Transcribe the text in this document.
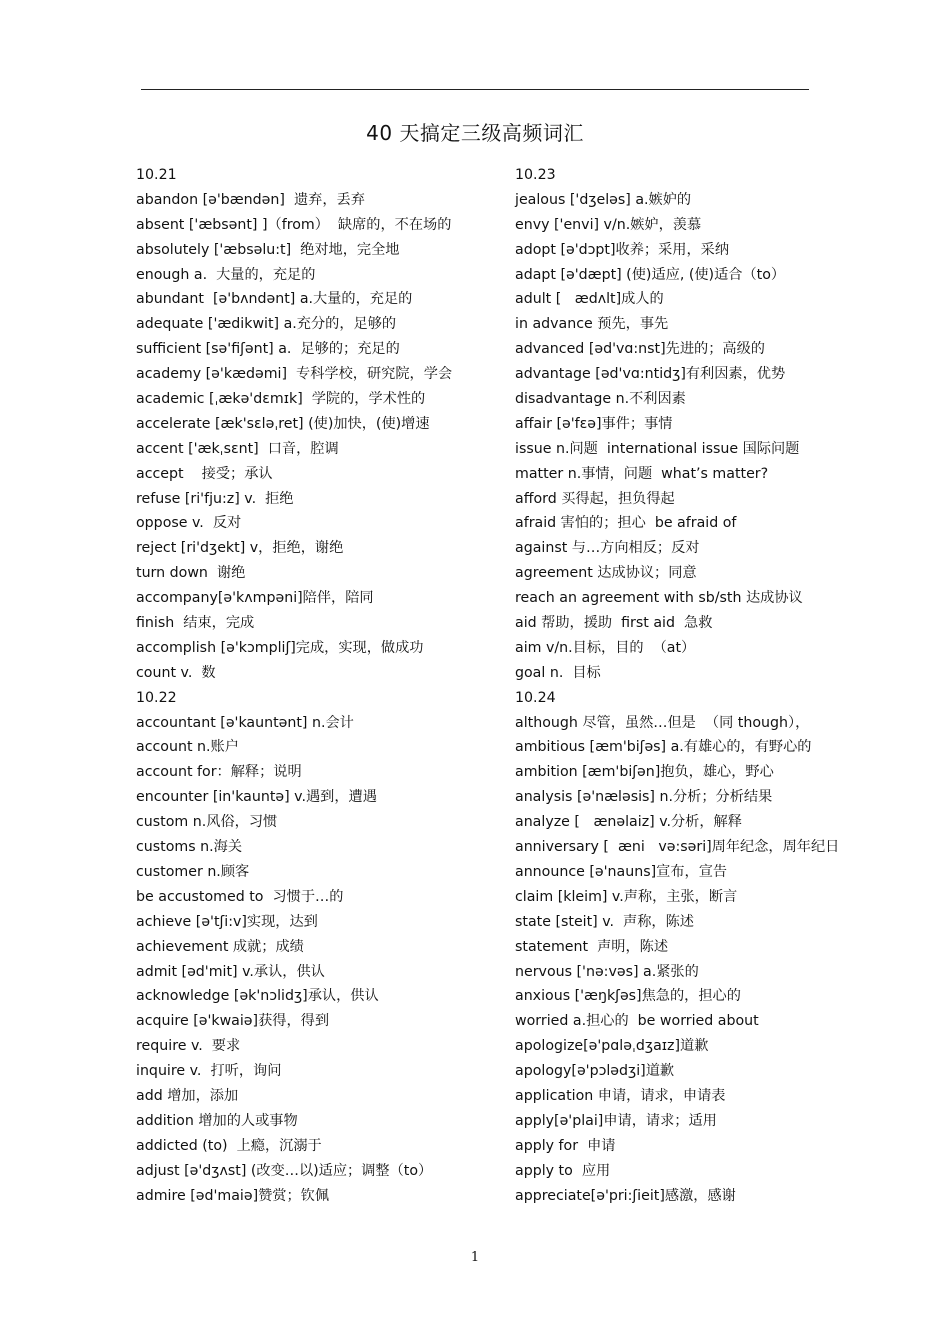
40 天搞定三级高频词汇
10.21
abandon [ə'bændən]  遗弃，丢弃
absent ['æbsənt] ]（from）  缺席的，不在场的
absolutely ['æbsəlu:t]  绝对地，完全地
enough a.  大量的，充足的
abundant  [ə'bʌndənt] a.大量的，充足的
adequate ['ædikwit] a.充分的，足够的
sufficient [sə'fiʃənt] a.  足够的；充足的
academy [ə'kædəmi]  专科学校，研究院，学会
academic [ˌækə'dɛmɪk]  学院的，学术性的
accelerate [æk'sɛləˌret] (使)加快，(使)增速
accent ['ækˌsɛnt]  口音，腔调
accept    接受；承认
refuse [ri'fju:z] v.  拒绝
oppose v.  反对
reject [ri'dʒekt] v，拒绝，谢绝
turn down  谢绝
accompany[ə'kʌmpəni]陪伴，陪同
finish  结束，完成
accomplish [ə'kɔmpliʃ]完成，实现，做成功
count v.  数
10.22
accountant [ə'kauntənt] n.会计
account n.账户
account for：解释；说明
encounter [in'kauntə] v.遇到，遭遇
custom n.风俗，习惯
customs n.海关
customer n.顾客
be accustomed to  习惯于…的
achieve [ə'tʃi:v]实现，达到
achievement 成就；成绩
admit [əd'mit] v.承认，供认
acknowledge [ək'nɔlidʒ]承认，供认
acquire [ə'kwaiə]获得，得到
require v.  要求
inquire v.  打听，询问
add 增加，添加
addition 增加的人或事物
addicted (to)  上瘾，沉溺于
adjust [ə'dʒʌst] (改变…以)适应；调整（to）
admire [əd'maiə]赞赏；钦佩
10.23
jealous ['dʒeləs] a.嫉妒的
envy ['envi] v/n.嫉妒，羡慕
adopt [ə'dɔpt]收养；采用，采纳
adapt [ə'dæpt] (使)适应, (使)适合（to）
adult [   ædʌlt]成人的
in advance 预先，事先
advanced [əd'vɑ:nst]先进的；高级的
advantage [əd'vɑ:ntidʒ]有利因素，优势
disadvantage n.不利因素
affair [ə'fɛə]事件；事情
issue n.问题  international issue 国际问题
matter n.事情，问题  what’s matter?
afford 买得起，担负得起
afraid 害怕的；担心  be afraid of
against 与…方向相反；反对
agreement 达成协议；同意
reach an agreement with sb/sth 达成协议
aid 帮助，援助  first aid  急救
aim v/n.目标，目的  （at）
goal n.  目标
10.24
although 尽管，虽然…但是  （同 though），
ambitious [æm'biʃəs] a.有雄心的，有野心的
ambition [æm'biʃən]抱负，雄心，野心
analysis [ə'næləsis] n.分析；分析结果
analyze [   ænəlaiz] v.分析，解释
anniversary [  æni   və:səri]周年纪念，周年纪日
announce [ə'nauns]宣布，宣告
claim [kleim] v.声称，主张，断言
state [steit] v.  声称，陈述
statement  声明，陈述
nervous ['nə:vəs] a.紧张的
anxious ['æŋkʃəs]焦急的，担心的
worried a.担心的  be worried about
apologize[ə'pɑləˌdʒaɪz]道歉
apology[ə'pɔlədʒi]道歉
application 申请，请求，申请表
apply[ə'plai]申请，请求；适用
apply for  申请
apply to  应用
appreciate[ə'pri:ʃieit]感激，感谢
1
